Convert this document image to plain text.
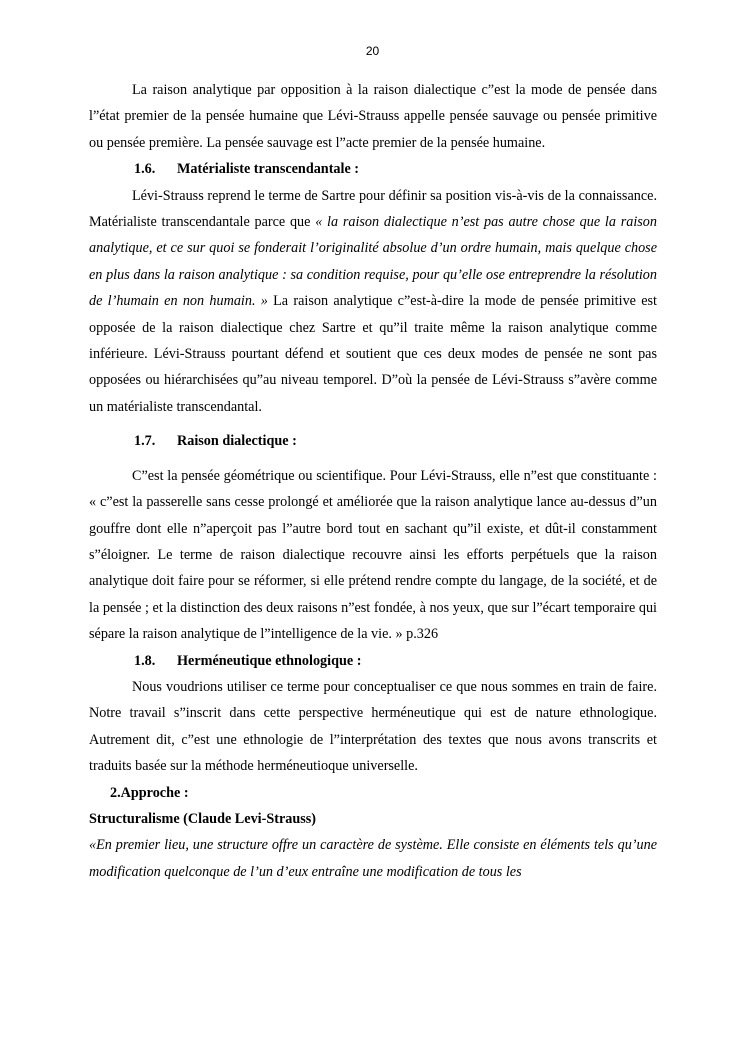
20

La raison analytique par opposition à la raison dialectique c”est la mode de pensée dans l”état premier de la pensée humaine que Lévi-Strauss appelle pensée sauvage ou pensée primitive ou pensée première. La pensée sauvage est l”acte premier de la pensée humaine.

1.6. Matérialiste transcendantale :

Lévi-Strauss reprend le terme de Sartre pour définir sa position vis-à-vis de la connaissance. Matérialiste transcendantale parce que « la raison dialectique n’est pas autre chose que la raison analytique, et ce sur quoi se fonderait l’originalité absolue d’un ordre humain, mais quelque chose en plus dans la raison analytique : sa condition requise, pour qu’elle ose entreprendre la résolution de l’humain en non humain. » La raison analytique c”est-à-dire la mode de pensée primitive est opposée de la raison dialectique chez Sartre et qu”il traite même la raison analytique comme inférieure. Lévi-Strauss pourtant défend et soutient que ces deux modes de pensée ne sont pas opposées ou hiérarchisées qu”au niveau temporel. D”où la pensée de Lévi-Strauss s”avère comme un matérialiste transcendantal.

1.7. Raison dialectique :

C”est la pensée géométrique ou scientifique. Pour Lévi-Strauss, elle n”est que constituante : « c”est la passerelle sans cesse prolongé et améliorée que la raison analytique lance au-dessus d”un gouffre dont elle n”aperçoit pas l”autre bord tout en sachant qu”il existe, et dût-il constamment s”éloigner. Le terme de raison dialectique recouvre ainsi les efforts perpétuels que la raison analytique doit faire pour se réformer, si elle prétend rendre compte du langage, de la société, et de la pensée ; et la distinction des deux raisons n”est fondée, à nos yeux, que sur l”écart temporaire qui sépare la raison analytique de l”intelligence de la vie. » p.326

1.8. Herméneutique ethnologique :

Nous voudrions utiliser ce terme pour conceptualiser ce que nous sommes en train de faire. Notre travail s”inscrit dans cette perspective herméneutique qui est de nature ethnologique. Autrement dit, c”est une ethnologie de l”interprétation des textes que nous avons transcrits et traduits basée sur la méthode herméneutioque universelle.

2.Approche :
Structuralisme (Claude Levi-Strauss)

«En premier lieu, une structure offre un caractère de système. Elle consiste en éléments tels qu’une modification quelconque de l’un d’eux entraîne une modification de tous les
